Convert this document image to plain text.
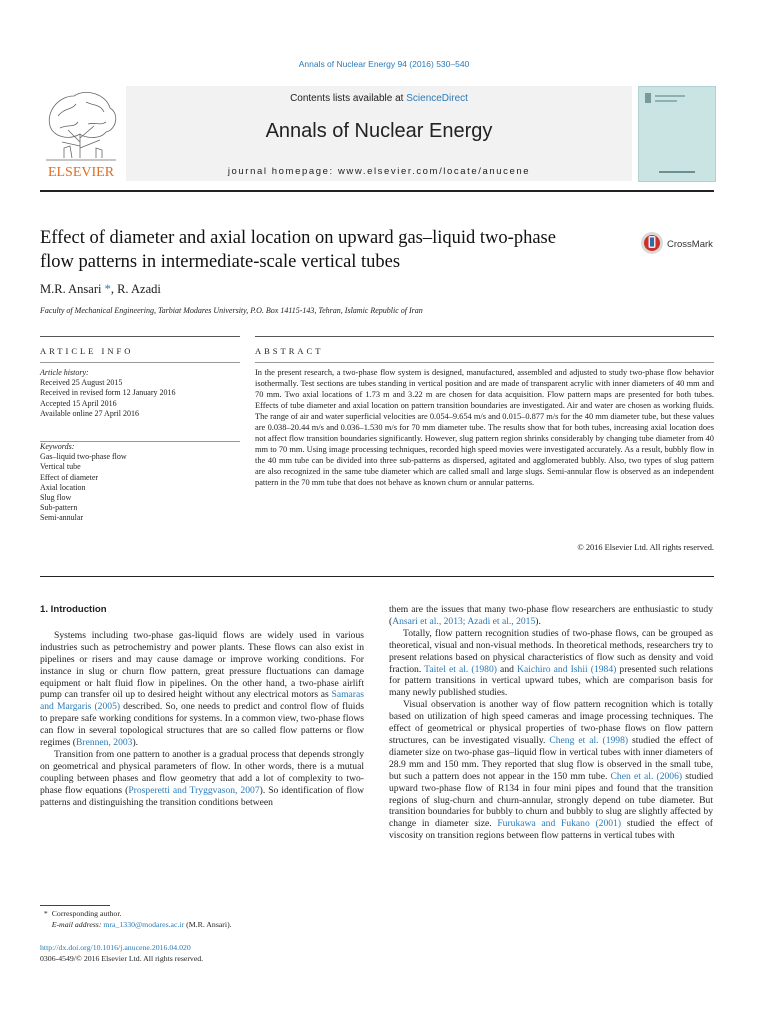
Annals of Nuclear Energy 94 (2016) 530–540
ELSEVIER
Contents lists available at ScienceDirect
Annals of Nuclear Energy
journal homepage: www.elsevier.com/locate/anucene
Effect of diameter and axial location on upward gas–liquid two-phase
flow patterns in intermediate-scale vertical tubes
CrossMark
M.R. Ansari *, R. Azadi
Faculty of Mechanical Engineering, Tarbiat Modares University, P.O. Box 14115-143, Tehran, Islamic Republic of Iran
ARTICLE INFO	ABSTRACT
Article history:
Received 25 August 2015
Received in revised form 12 January 2016
Accepted 15 April 2016
Available online 27 April 2016
Keywords:
Gas–liquid two-phase flow
Vertical tube
Effect of diameter
Axial location
Slug flow
Sub-pattern
Semi-annular
In the present research, a two-phase flow system is designed, manufactured, assembled and adjusted to study two-phase flow behavior isothermally. Test sections are tubes standing in vertical position and are made of transparent acrylic with inner diameters of 40 mm and 70 mm. Two axial locations of 1.73 m and 3.22 m are chosen for data acquisition. Flow pattern maps are presented for both tubes. Effects of tube diameter and axial location on pattern transition boundaries are investigated. Air and water are chosen as working fluids. The range of air and water superficial velocities are 0.054–9.654 m/s and 0.015–0.877 m/s for the 40 mm diameter tube, but these values are 0.038–20.44 m/s and 0.036–1.530 m/s for 70 mm diameter tube. The results show that for both tubes, increasing axial location does not affect flow transition boundaries significantly. However, slug pattern region shrinks considerably by changing tube diameter from 40 mm to 70 mm. Using image processing techniques, recorded high speed movies were investigated accurately. As a result, bubbly flow in the 40 mm tube can be divided into three sub-patterns as dispersed, agitated and agglomerated bubbly. Also, two types of slug pattern are also recognized in the same tube diameter which are called small and large slugs. Semi-annular flow is observed as an independent pattern in the 70 mm tube that does not behave as known churn or annular patterns.
© 2016 Elsevier Ltd. All rights reserved.
1. Introduction

Systems including two-phase gas-liquid flows are widely used in various industries such as petrochemistry and power plants. These flows can also exist in pipelines or risers and may cause damage or improve working conditions. For instance in slug or churn flow pattern, great pressure fluctuations can damage equipment or halt fluid flow in pipelines. On the other hand, a two-phase airlift pump can transfer oil up to desired height without any electrical motors as Samaras and Margaris (2005) described. So, one needs to predict and control flow of fluids to prepare safe working conditions for systems. In a common view, two-phase flows can flow in several topological structures that are so called flow patterns or flow regimes (Brennen, 2003).

Transition from one pattern to another is a gradual process that depends strongly on geometrical and physical parameters of flow. In other words, there is a mutual coupling between phases and flow geometry that add a lot of complexity to two-phase flow equations (Prosperetti and Tryggvason, 2007). So identification of flow patterns and distinguishing the transition conditions between

them are the issues that many two-phase flow researchers are enthusiastic to study (Ansari et al., 2013; Azadi et al., 2015).

Totally, flow pattern recognition studies of two-phase flows, can be grouped as theoretical, visual and non-visual methods. In theoretical methods, researchers try to present relations based on physical characteristics of flow such as density and void fraction. Taitel et al. (1980) and Kaichiro and Ishii (1984) presented such relations for pattern transitions in vertical upward tubes, which are comparison basis for many newly published studies.

Visual observation is another way of flow pattern recognition which is totally based on utilization of high speed cameras and image processing techniques. The effect of geometrical or physical properties of two-phase flows on flow pattern structures, can be investigated visually. Cheng et al. (1998) studied the effect of diameter size on two-phase gas–liquid flow in vertical tubes with inner diameters of 28.9 mm and 150 mm. They reported that slug flow is observed in the small tube, but such a pattern does not appear in the 150 mm tube. Chen et al. (2006) studied upward two-phase flow of R134 in four mini pipes and found that the transition regions of slug-churn and churn-annular, strongly depend on tube diameter. But transition boundaries for bubbly to churn and bubbly to slug are slightly affected by change in diameter size. Furukawa and Fukano (2001) studied the effect of viscosity on transition regions between flow patterns in vertical tubes with

* Corresponding author.
E-mail address: mra_1330@modares.ac.ir (M.R. Ansari).
http://dx.doi.org/10.1016/j.anucene.2016.04.020
0306-4549/© 2016 Elsevier Ltd. All rights reserved.
